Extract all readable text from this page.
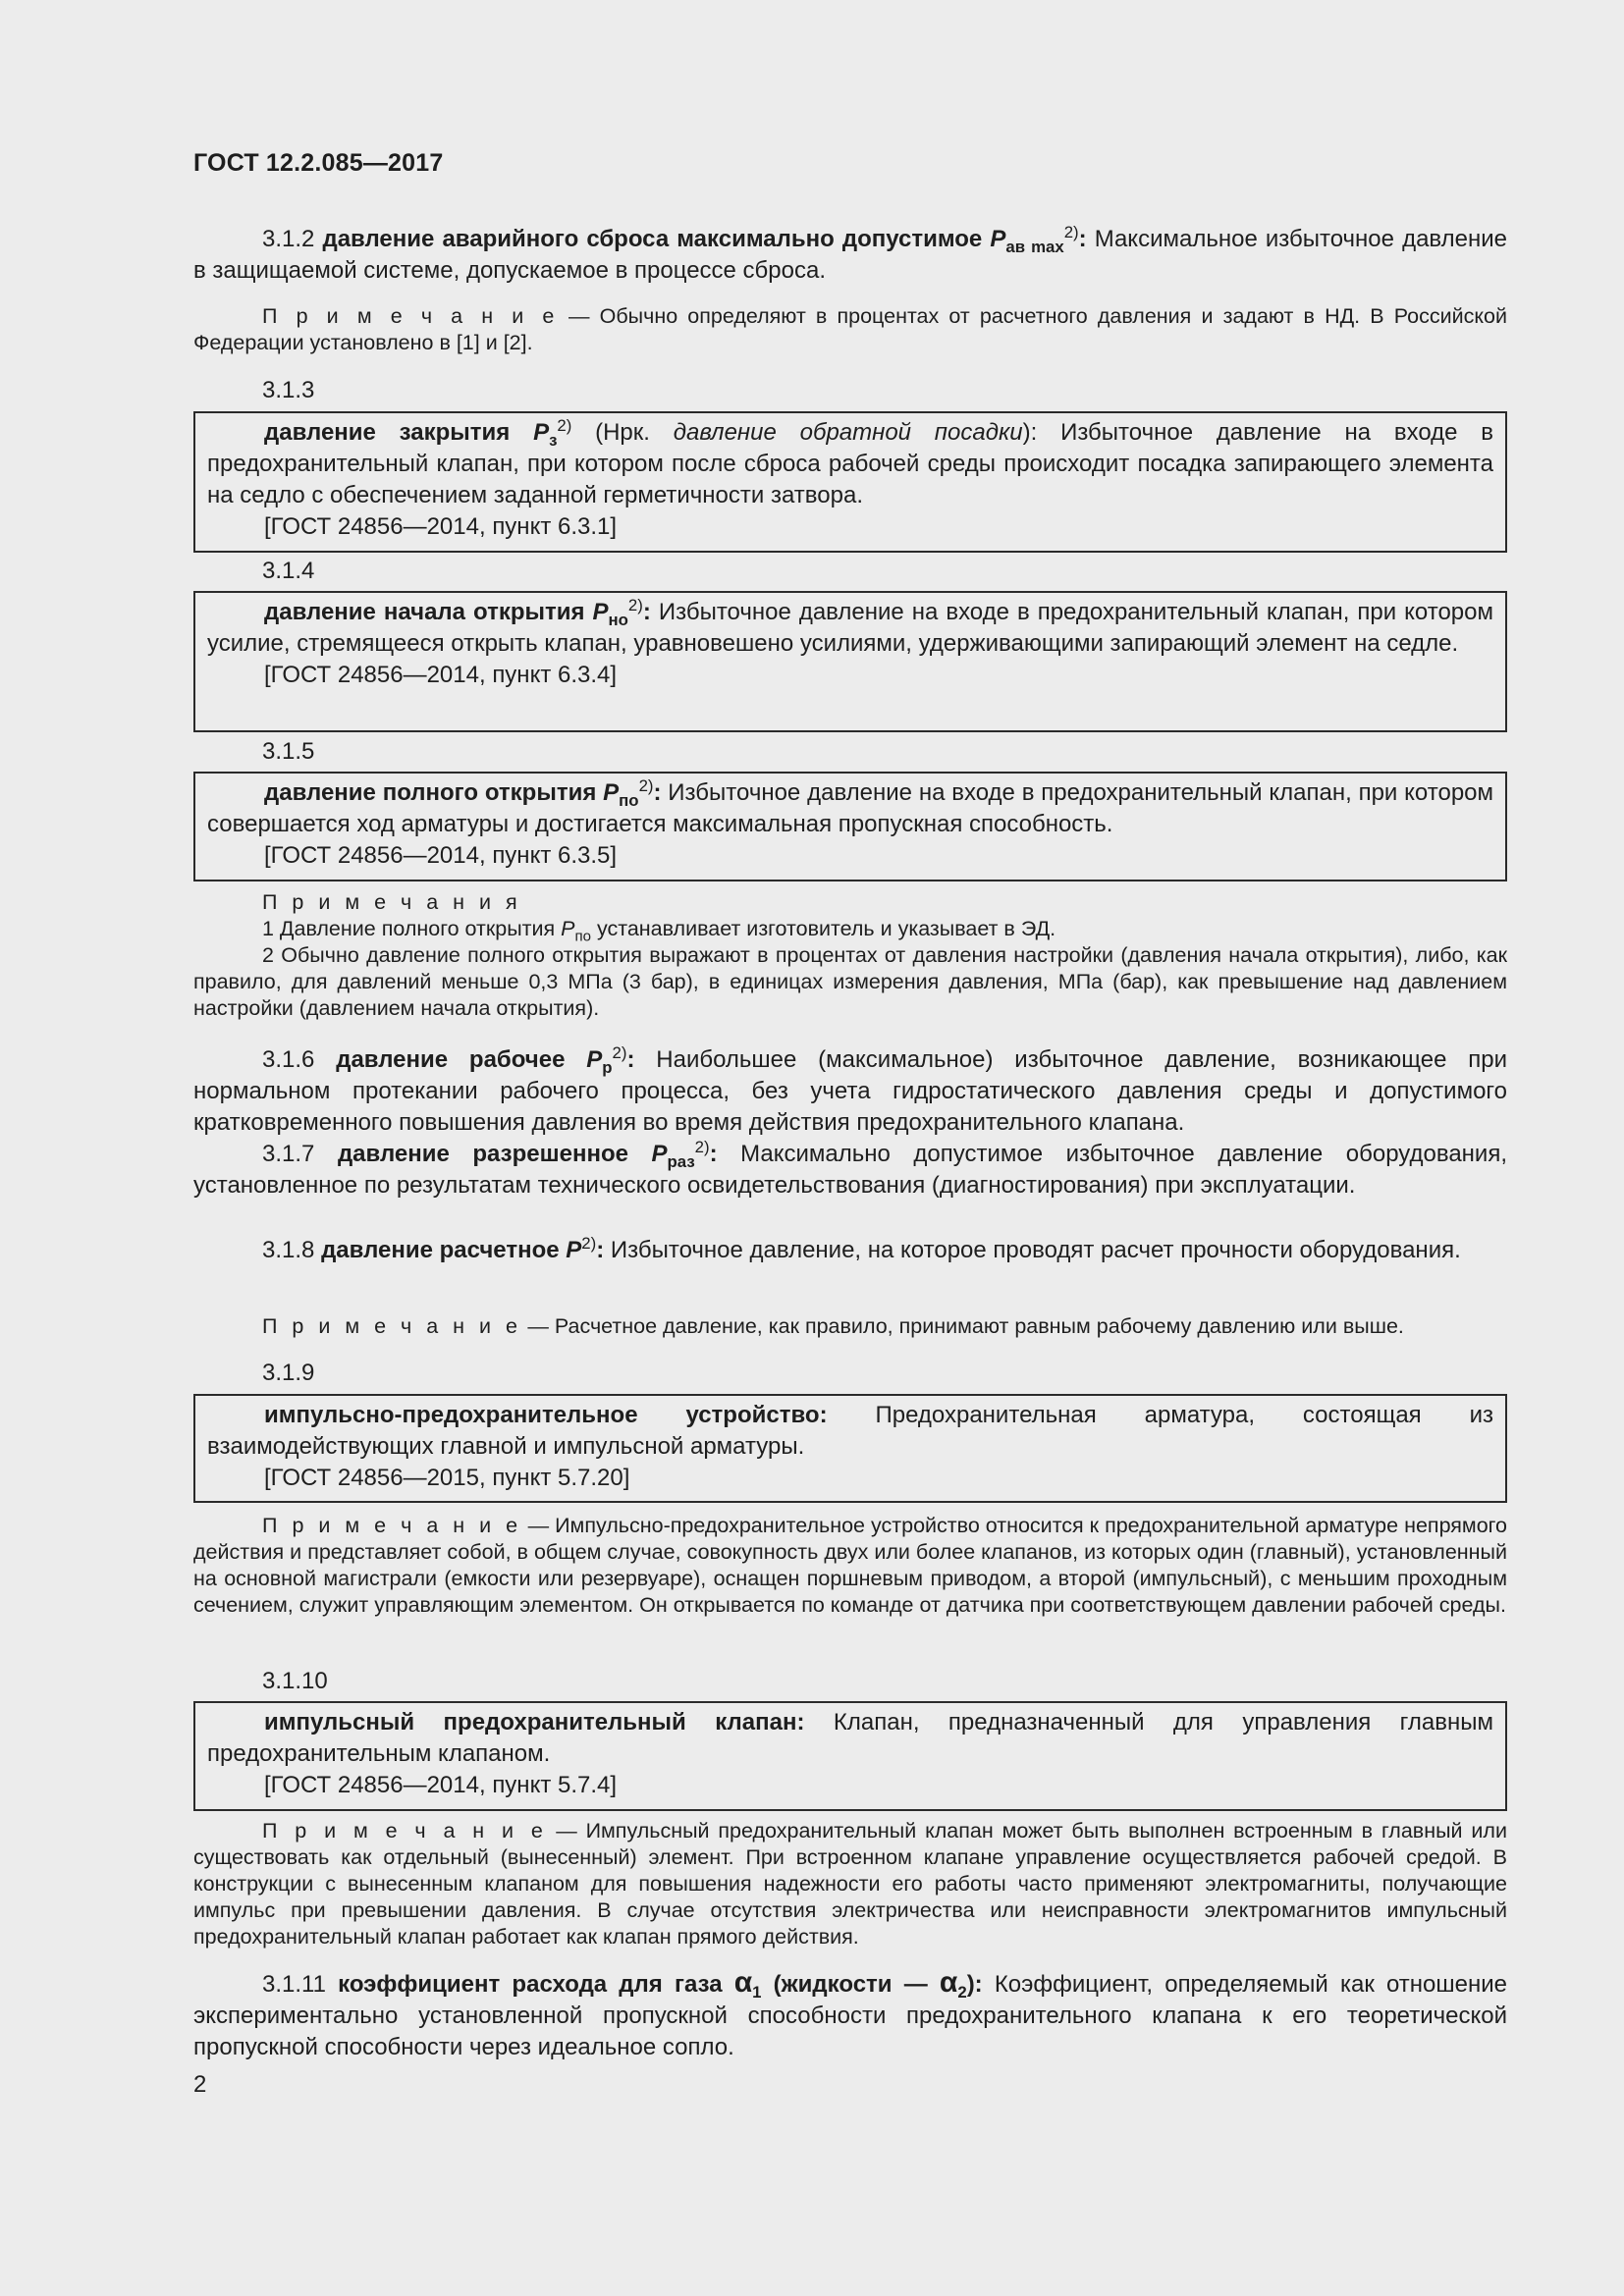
ГОСТ 12.2.085—2017

3.1.2 давление аварийного сброса максимально допустимое $P_{ав max}^{2)}$: Максимальное избыточное давление в защищаемой системе, допускаемое в процессе сброса.

П р и м е ч а н и е — Обычно определяют в процентах от расчетного давления и задают в НД. В Российской Федерации установлено в [1] и [2].

3.1.3

давление закрытия $P_з^{2)}$ (Нрк. давление обратной посадки): Избыточное давление на входе в предохранительный клапан, при котором после сброса рабочей среды происходит посадка запирающего элемента на седло с обеспечением заданной герметичности затвора.

[ГОСТ 24856—2014, пункт 6.3.1]

3.1.4

давление начала открытия $P_{но}^{2)}$: Избыточное давление на входе в предохранительный клапан, при котором усилие, стремящееся открыть клапан, уравновешено усилиями, удерживающими запирающий элемент на седле.

[ГОСТ 24856—2014, пункт 6.3.4]

3.1.5

давление полного открытия $P_{по}^{2)}$: Избыточное давление на входе в предохранительный клапан, при котором совершается ход арматуры и достигается максимальная пропускная способность.

[ГОСТ 24856—2014, пункт 6.3.5]

П р и м е ч а н и я

1 Давление полного открытия $P_{по}$ устанавливает изготовитель и указывает в ЭД.

2 Обычно давление полного открытия выражают в процентах от давления настройки (давления начала открытия), либо, как правило, для давлений меньше 0,3 МПа (3 бар), в единицах измерения давления, МПа (бар), как превышение над давлением настройки (давлением начала открытия).

3.1.6 давление рабочее $P_р^{2)}$: Наибольшее (максимальное) избыточное давление, возникающее при нормальном протекании рабочего процесса, без учета гидростатического давления среды и допустимого кратковременного повышения давления во время действия предохранительного клапана.

3.1.7 давление разрешенное $P_{раз}^{2)}$: Максимально допустимое избыточное давление оборудования, установленное по результатам технического освидетельствования (диагностирования) при эксплуатации.

3.1.8 давление расчетное $P^{2)}$: Избыточное давление, на которое проводят расчет прочности оборудования.

П р и м е ч а н и е — Расчетное давление, как правило, принимают равным рабочему давлению или выше.

3.1.9

импульсно-предохранительное устройство: Предохранительная арматура, состоящая из взаимодействующих главной и импульсной арматуры.

[ГОСТ 24856—2015, пункт 5.7.20]

П р и м е ч а н и е — Импульсно-предохранительное устройство относится к предохранительной арматуре непрямого действия и представляет собой, в общем случае, совокупность двух или более клапанов, из которых один (главный), установленный на основной магистрали (емкости или резервуаре), оснащен поршневым приводом, а второй (импульсный), с меньшим проходным сечением, служит управляющим элементом. Он открывается по команде от датчика при соответствующем давлении рабочей среды.

3.1.10

импульсный предохранительный клапан: Клапан, предназначенный для управления главным предохранительным клапаном.

[ГОСТ 24856—2014, пункт 5.7.4]

П р и м е ч а н и е — Импульсный предохранительный клапан может быть выполнен встроенным в главный или существовать как отдельный (вынесенный) элемент. При встроенном клапане управление осуществляется рабочей средой. В конструкции с вынесенным клапаном для повышения надежности его работы часто применяют электромагниты, получающие импульс при превышении давления. В случае отсутствия электричества или неисправности электромагнитов импульсный предохранительный клапан работает как клапан прямого действия.

3.1.11 коэффициент расхода для газа $\alpha_1$ (жидкости — $\alpha_2$): Коэффициент, определяемый как отношение экспериментально установленной пропускной способности предохранительного клапана к его теоретической пропускной способности через идеальное сопло.

2
